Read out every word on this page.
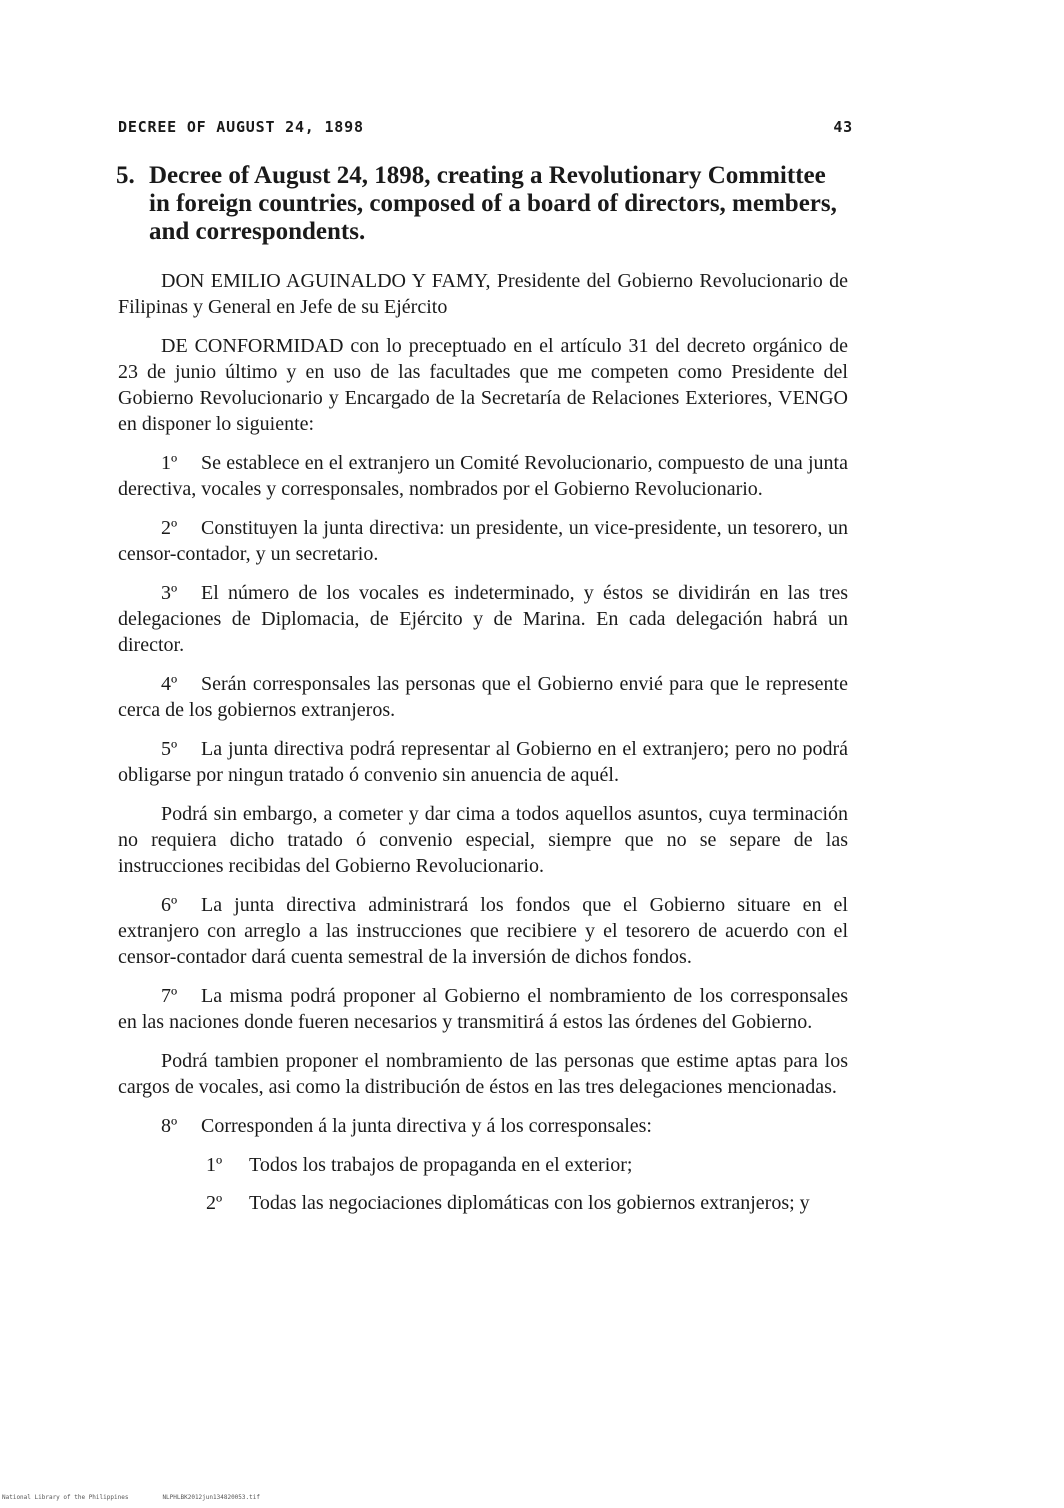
DECREE OF AUGUST 24, 1898	43
5. Decree of August 24, 1898, creating a Revolutionary Committee in foreign countries, composed of a board of directors, members, and correspondents.

DON EMILIO AGUINALDO Y FAMY, Presidente del Gobierno Revolucionario de Filipinas y General en Jefe de su Ejército

DE CONFORMIDAD con lo preceptuado en el artículo 31 del decreto orgánico de 23 de junio último y en uso de las facultades que me competen como Presidente del Gobierno Revolucionario y Encargado de la Secretaría de Relaciones Exteriores, VENGO en disponer lo siguiente:

1º Se establece en el extranjero un Comité Revolucionario, compuesto de una junta derectiva, vocales y corresponsales, nombrados por el Gobierno Revolucionario.

2º Constituyen la junta directiva: un presidente, un vice-presidente, un tesorero, un censor-contador, y un secretario.

3º El número de los vocales es indeterminado, y éstos se dividirán en las tres delegaciones de Diplomacia, de Ejército y de Marina. En cada delegación habrá un director.

4º Serán corresponsales las personas que el Gobierno envié para que le represente cerca de los gobiernos extranjeros.

5º La junta directiva podrá representar al Gobierno en el extranjero; pero no podrá obligarse por ningun tratado ó convenio sin anuencia de aquél.

Podrá sin embargo, a cometer y dar cima a todos aquellos asuntos, cuya terminación no requiera dicho tratado ó convenio especial, siempre que no se separe de las instrucciones recibidas del Gobierno Revolucionario.

6º La junta directiva administrará los fondos que el Gobierno situare en el extranjero con arreglo a las instrucciones que recibiere y el tesorero de acuerdo con el censor-contador dará cuenta semestral de la inversión de dichos fondos.

7º La misma podrá proponer al Gobierno el nombramiento de los corresponsales en las naciones donde fueren necesarios y transmitirá á estos las órdenes del Gobierno.

Podrá tambien proponer el nombramiento de las personas que estime aptas para los cargos de vocales, asi como la distribución de éstos en las tres delegaciones mencionadas.

8º Corresponden á la junta directiva y á los corresponsales:

1º	Todos los trabajos de propaganda en el exterior;
2º	Todas las negociaciones diplomáticas con los gobiernos extranjeros; y
National Library of the Philippines	NLPHLBK2012jun134820053.tif
